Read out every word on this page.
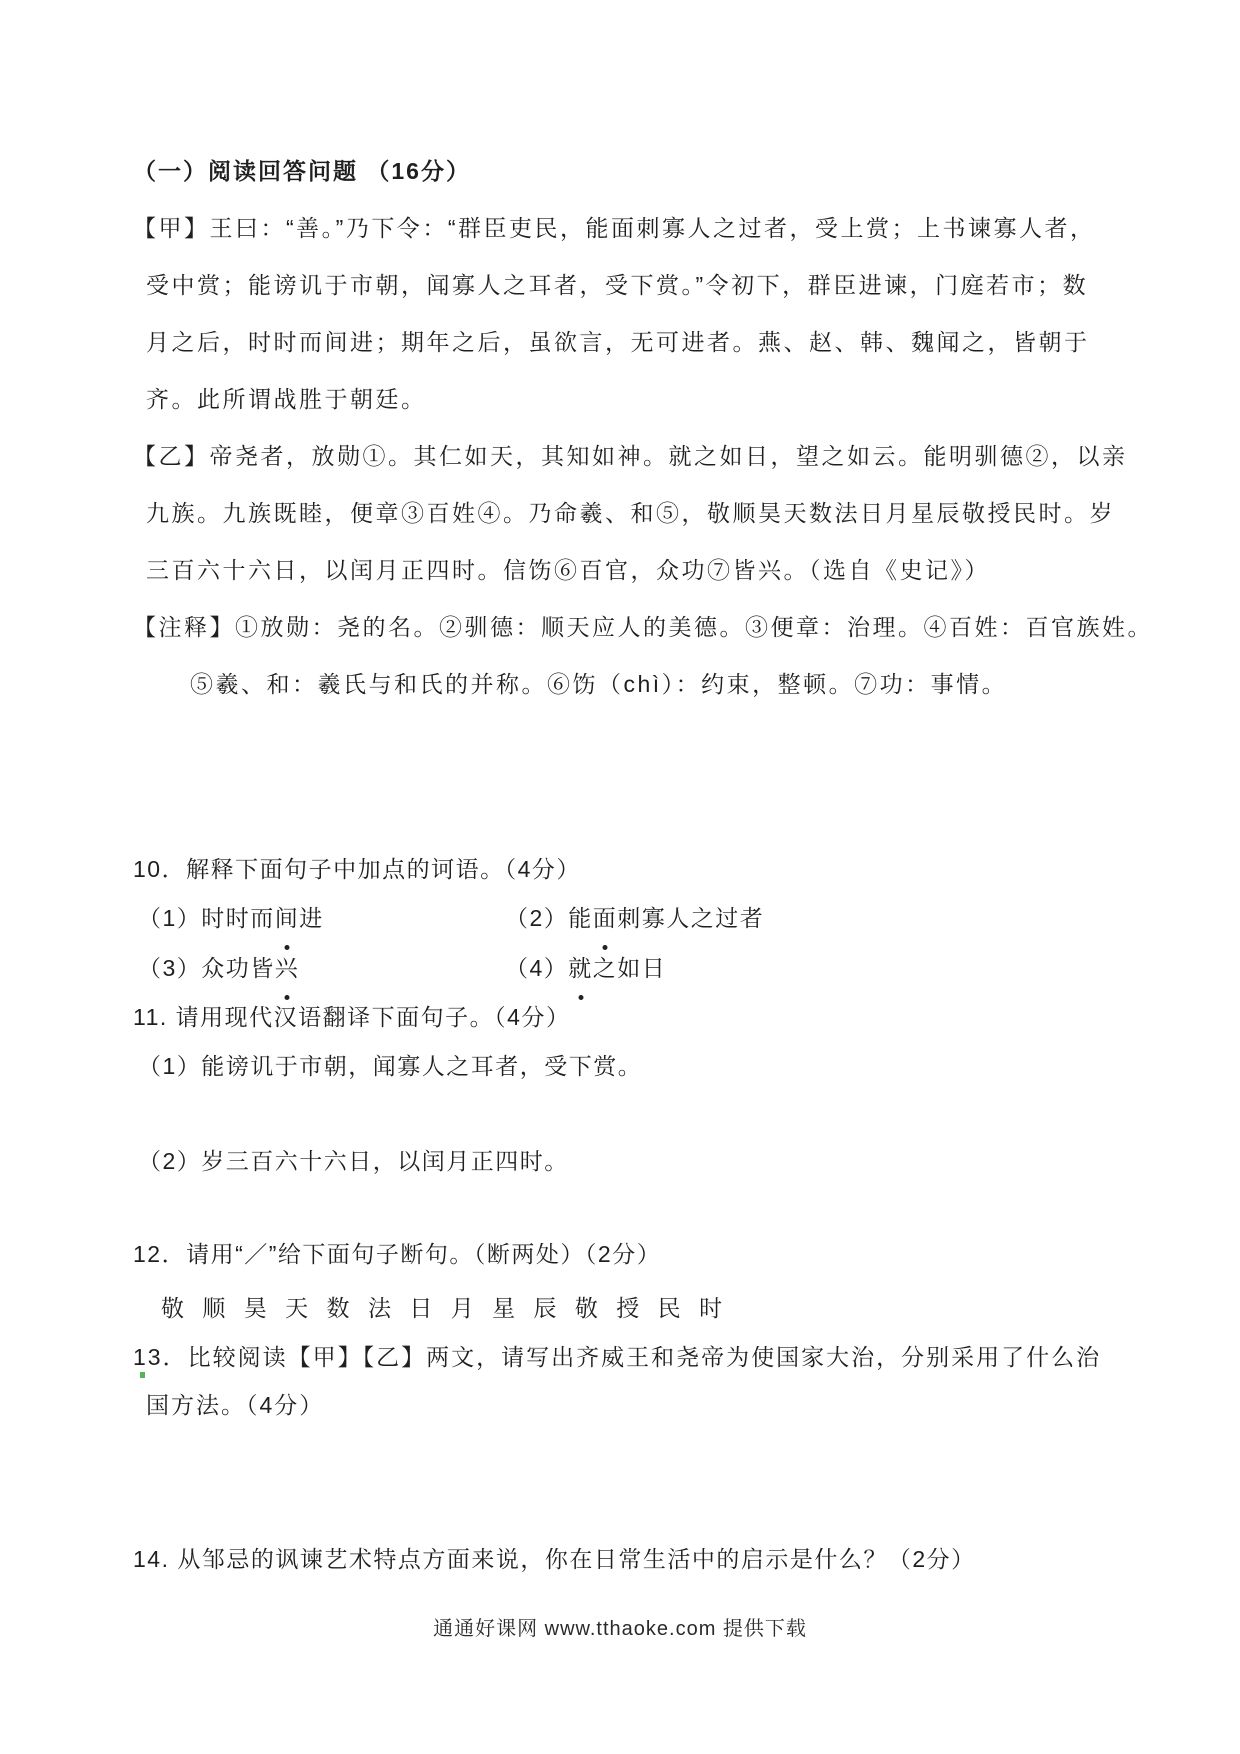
（一）阅读回答问题 （16分）
【甲】王曰：“善。”乃下令：“群臣吏民，能面刺寡人之过者，受上赏；上书谏寡人者，
受中赏；能谤讥于市朝，闻寡人之耳者，受下赏。”令初下，群臣进谏，门庭若市；数
月之后，时时而间进；期年之后，虽欲言，无可进者。燕、赵、韩、魏闻之，皆朝于
齐。此所谓战胜于朝廷。
【乙】帝尧者，放勋①。其仁如天，其知如神。就之如日，望之如云。能明驯德②，以亲
九族。九族既睦，便章③百姓④。乃命羲、和⑤，敬顺昊天数法日月星辰敬授民时。岁
三百六十六日，以闰月正四时。信饬⑥百官，众功⑦皆兴。（选自《史记》）
【注释】①放勋：尧的名。②驯德：顺天应人的美德。③便章：治理。④百姓：百官族姓。
⑤羲、和：羲氏与和氏的并称。⑥饬（chì）：约束，整顿。⑦功：事情。
10．解释下面句子中加点的诃语。（4分）
（1）时时而间进	（2）能面刺寡人之过者
（3）众功皆兴	（4）就之如日
11. 请用现代汉语翻译下面句子。（4分）
（1）能谤讥于市朝，闻寡人之耳者，受下赏。
（2）岁三百六十六日，以闰月正四时。
12．请用“／”给下面句子断句。（断两处）（2分）
敬 顺 昊 天 数 法 日 月 星 辰 敬 授 民 时
13．比较阅读【甲】【乙】两文，请写出齐威王和尧帝为使国家大治，分别采用了什么治
国方法。（4分）
14. 从邹忌的讽谏艺术特点方面来说，你在日常生活中的启示是什么？（2分）
通通好课网 www.tthaoke.com 提供下载
